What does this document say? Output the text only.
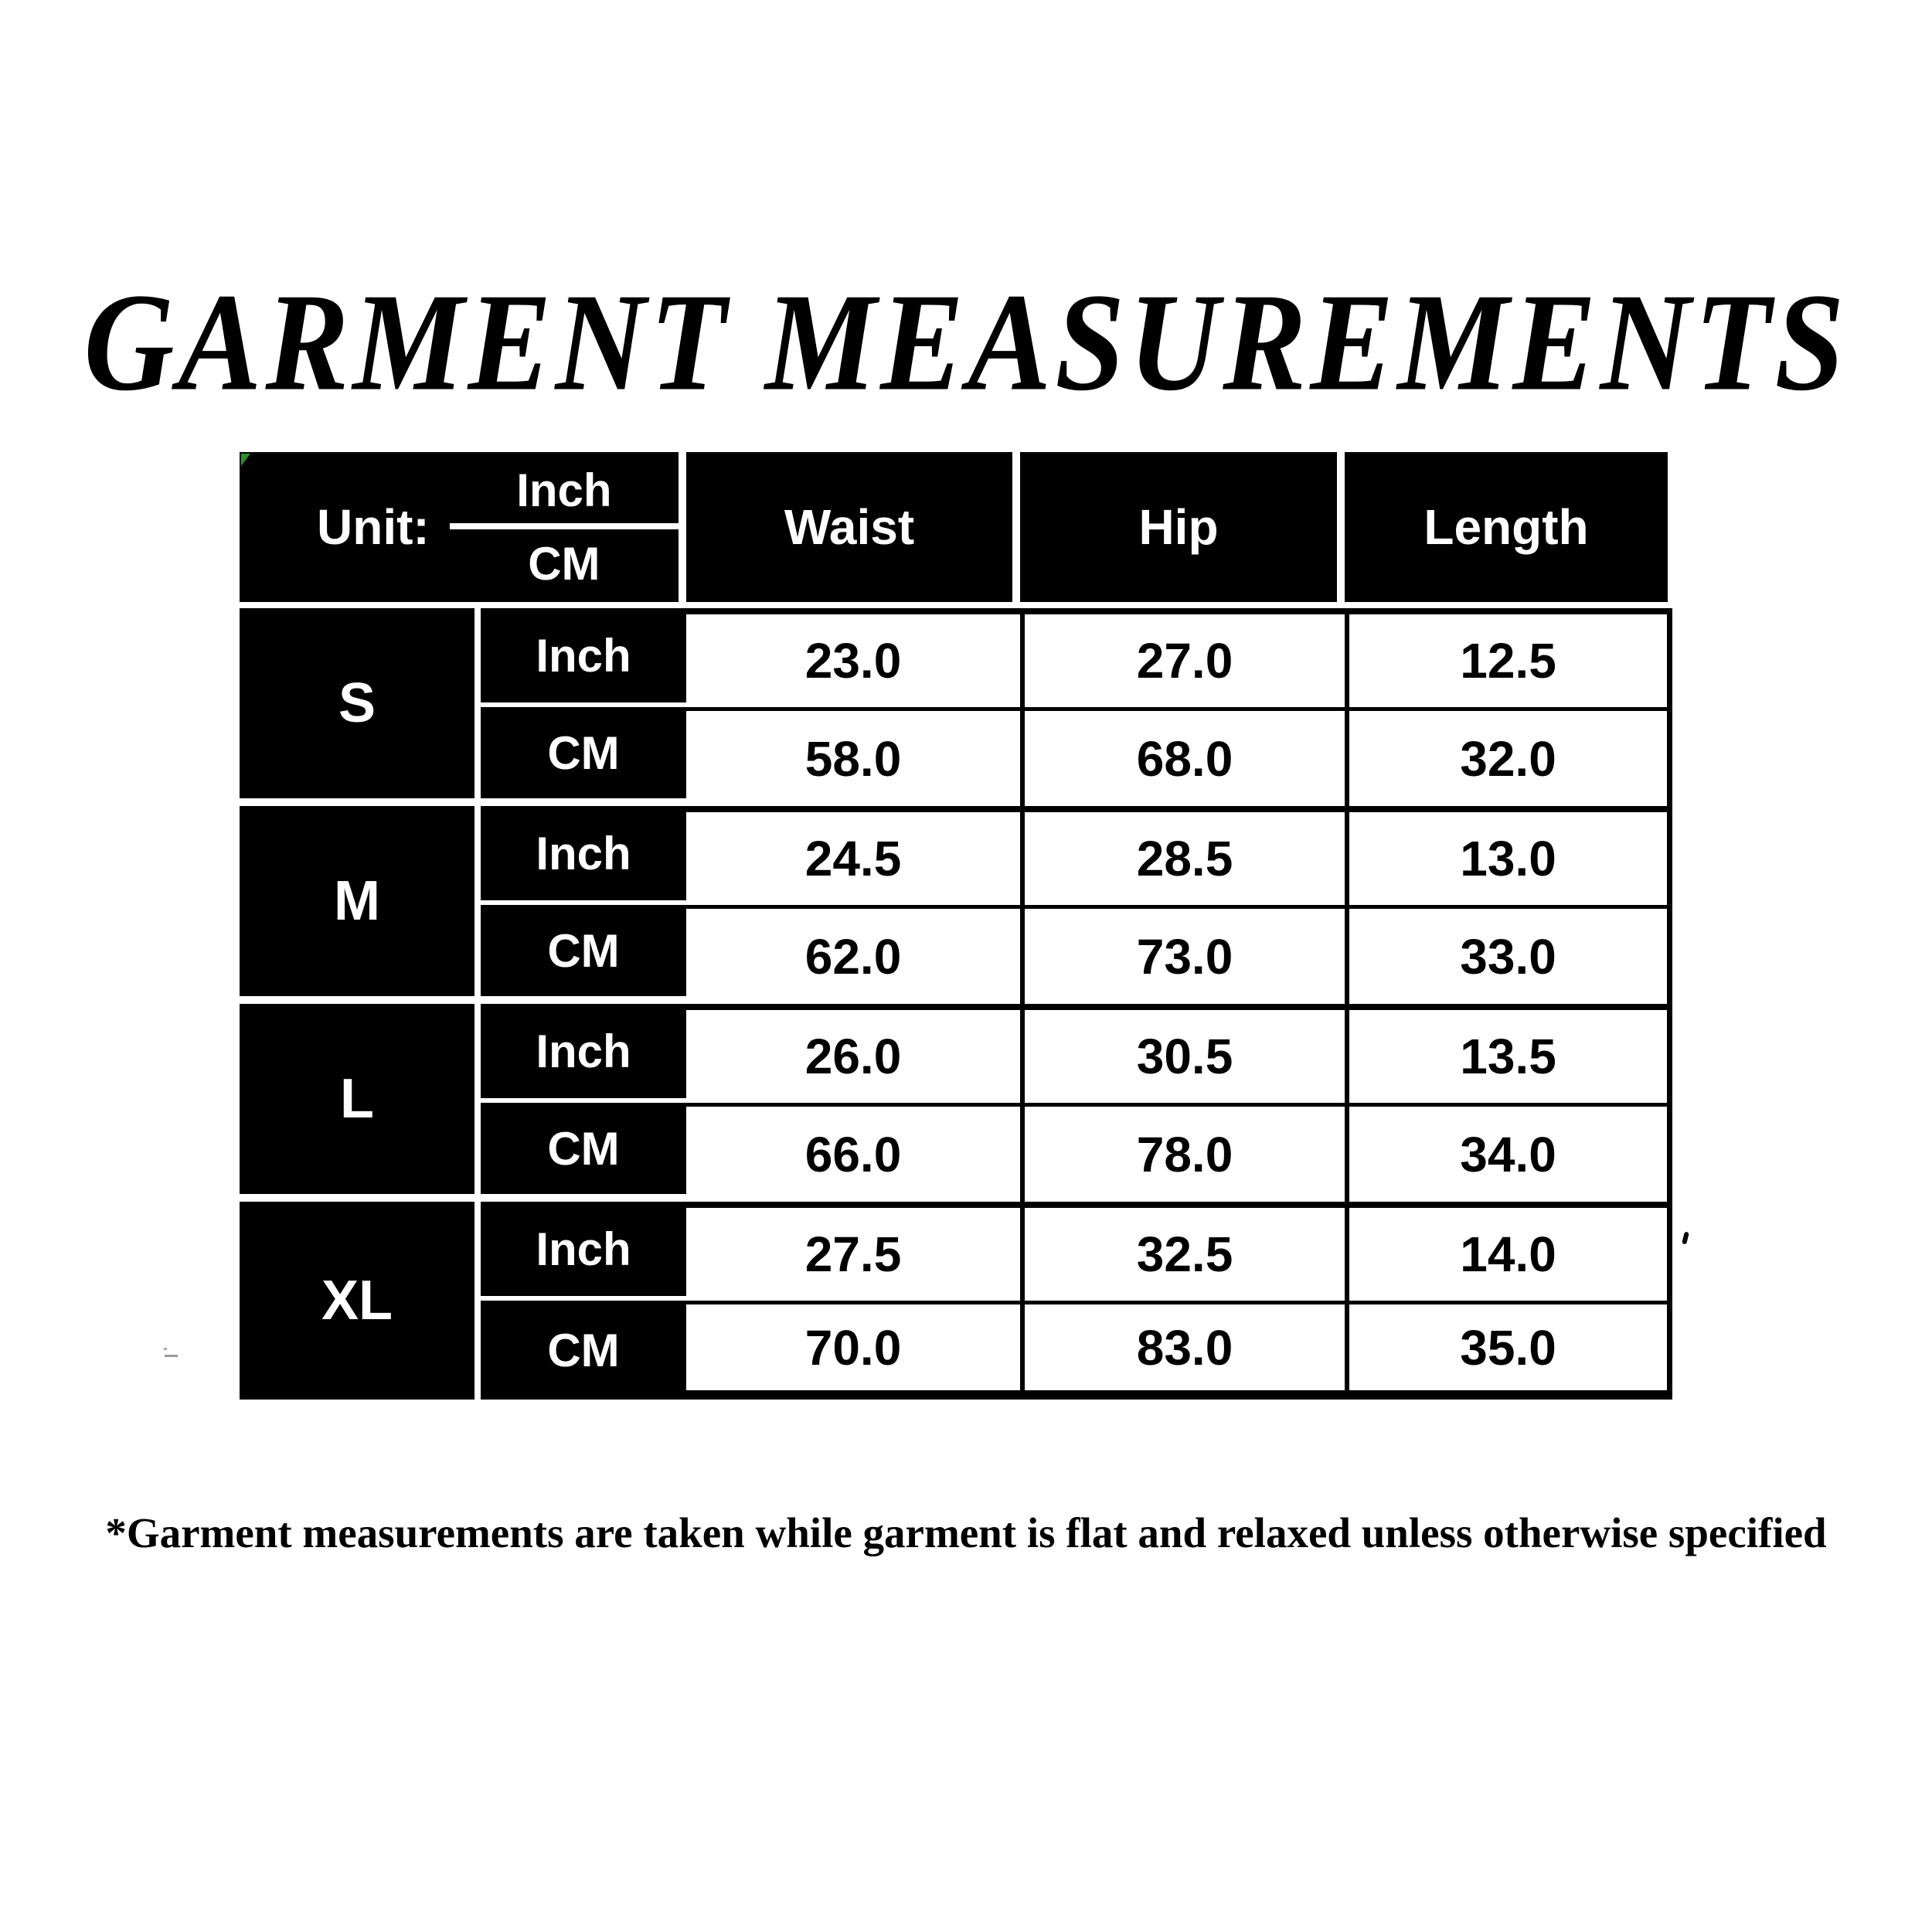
GARMENT MEASUREMENTS
Unit:
Inch
CM
Waist	Hip	Length
S
Inch	23.0	27.0	12.5
CM	58.0	68.0	32.0
M
Inch	24.5	28.5	13.0
CM	62.0	73.0	33.0
L
Inch	26.0	30.5	13.5
CM	66.0	78.0	34.0
XL
Inch	27.5	32.5	14.0
CM	70.0	83.0	35.0
*Garment measurements are taken while garment is flat and relaxed unless otherwise specified
